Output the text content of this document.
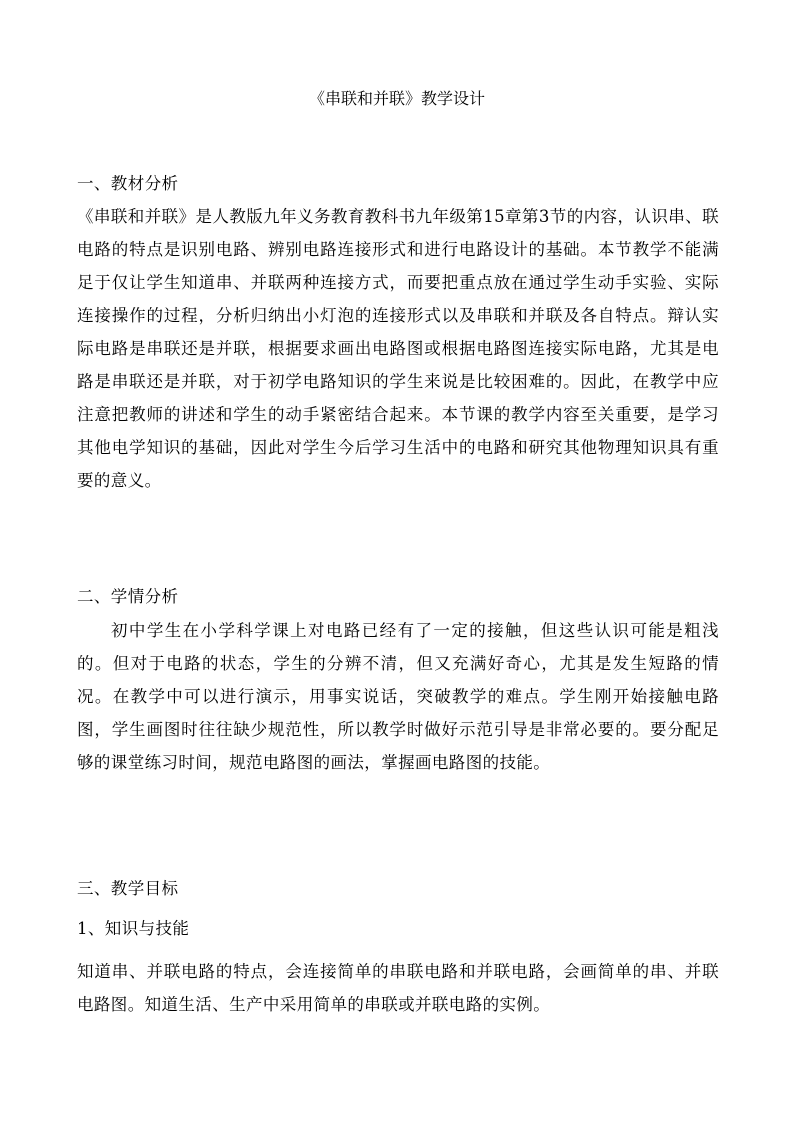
《串联和并联》教学设计
一、教材分析

《串联和并联》是人教版九年义务教育教科书九年级第15章第3节的内容，认识串、联电路的特点是识别电路、辨别电路连接形式和进行电路设计的基础。本节教学不能满足于仅让学生知道串、并联两种连接方式，而要把重点放在通过学生动手实验、实际连接操作的过程，分析归纳出小灯泡的连接形式以及串联和并联及各自特点。辩认实际电路是串联还是并联，根据要求画出电路图或根据电路图连接实际电路，尤其是电路是串联还是并联，对于初学电路知识的学生来说是比较困难的。因此，在教学中应注意把教师的讲述和学生的动手紧密结合起来。本节课的教学内容至关重要，是学习其他电学知识的基础，因此对学生今后学习生活中的电路和研究其他物理知识具有重要的意义。

二、学情分析

初中学生在小学科学课上对电路已经有了一定的接触，但这些认识可能是粗浅的。但对于电路的状态，学生的分辨不清，但又充满好奇心，尤其是发生短路的情况。在教学中可以进行演示，用事实说话，突破教学的难点。学生刚开始接触电路图，学生画图时往往缺少规范性，所以教学时做好示范引导是非常必要的。要分配足够的课堂练习时间，规范电路图的画法，掌握画电路图的技能。

三、教学目标
1、知识与技能

知道串、并联电路的特点，会连接简单的串联电路和并联电路，会画简单的串、并联电路图。知道生活、生产中采用简单的串联或并联电路的实例。
